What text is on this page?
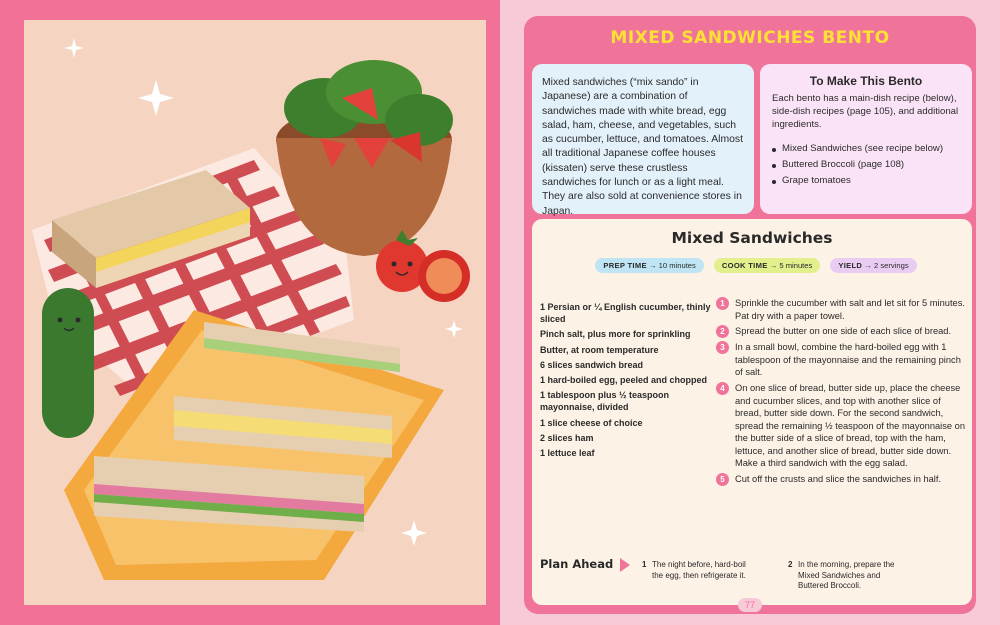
MIXED SANDWICHES BENTO

Mixed sandwiches (“mix sando” in Japanese) are a combination of sandwiches made with white bread, egg salad, ham, cheese, and vegetables, such as cucumber, lettuce, and tomatoes. Almost all traditional Japanese coffee houses (kissaten) serve these crustless sandwiches for lunch or as a light meal. They are also sold at convenience stores in Japan.

To Make This Bento

Each bento has a main-dish recipe (below), side-dish recipes (page 105), and additional ingredients.

Mixed Sandwiches (see recipe below)
Buttered Broccoli (page 108)
Grape tomatoes
Mixed Sandwiches
PREP TIME → 10 minutes	COOK TIME → 5 minutes	YIELD → 2 servings
1 Persian or ¼ English cucumber, thinly sliced
Pinch salt, plus more for sprinkling
Butter, at room temperature
6 slices sandwich bread
1 hard-boiled egg, peeled and chopped
1 tablespoon plus ½ teaspoon mayonnaise, divided
1 slice cheese of choice
2 slices ham
1 lettuce leaf
1	Sprinkle the cucumber with salt and let sit for 5 minutes. Pat dry with a paper towel.
2	Spread the butter on one side of each slice of bread.
3	In a small bowl, combine the hard-boiled egg with 1 tablespoon of the mayonnaise and the remaining pinch of salt.
4	On one slice of bread, butter side up, place the cheese and cucumber slices, and top with another slice of bread, butter side down. For the second sandwich, spread the remaining ½ teaspoon of the mayonnaise on the butter side of a slice of bread, top with the ham, lettuce, and another slice of bread, butter side down. Make a third sandwich with the egg salad.
5	Cut off the crusts and slice the sandwiches in half.
Plan Ahead	1 The night before, hard-boil the egg, then refrigerate it.
2 In the morning, prepare the Mixed Sandwiches and Buttered Broccoli.
77
